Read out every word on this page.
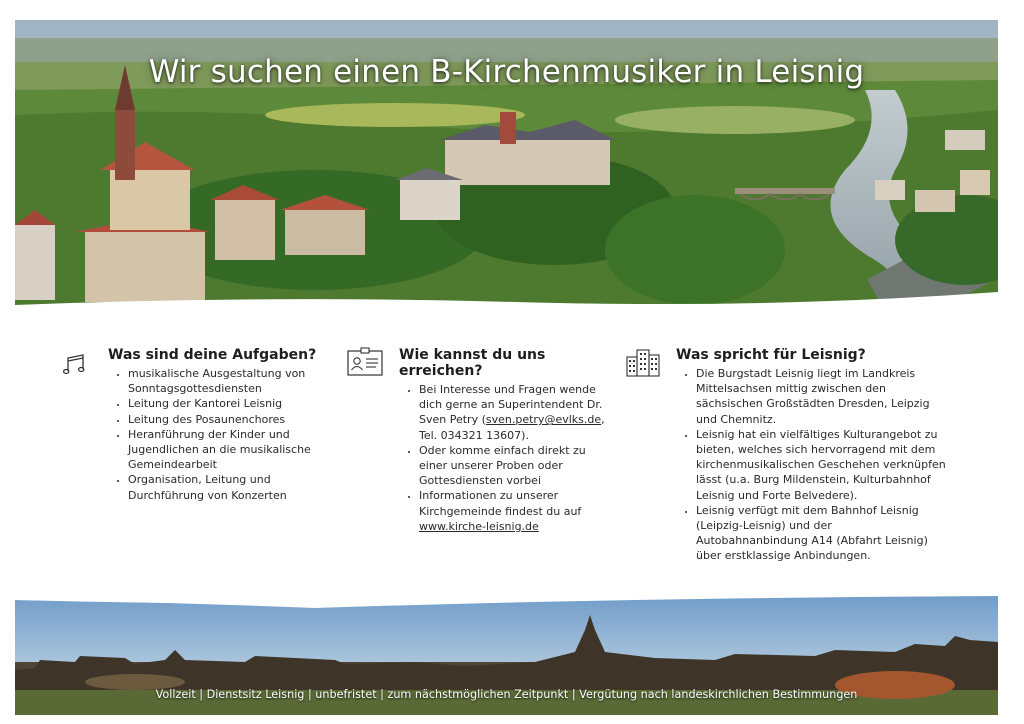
Wir suchen einen B-Kirchenmusiker in Leisnig
Was sind deine Aufgaben?
• musikalische Ausgestaltung von Sonntagsgottesdiensten
• Leitung der Kantorei Leisnig
• Leitung des Posaunenchores
• Heranführung der Kinder und Jugendlichen an die musikalische Gemeindearbeit
• Organisation, Leitung und Durchführung von Konzerten
Wie kannst du uns erreichen?
• Bei Interesse und Fragen wende dich gerne an Superintendent Dr. Sven Petry (sven.petry@evlks.de, Tel. 034321 13607).
• Oder komme einfach direkt zu einer unserer Proben oder Gottesdiensten vorbei
• Informationen zu unserer Kirchgemeinde findest du auf www.kirche-leisnig.de
Was spricht für Leisnig?
• Die Burgstadt Leisnig liegt im Landkreis Mittelsachsen mittig zwischen den sächsischen Großstädten Dresden, Leipzig und Chemnitz.
• Leisnig hat ein vielfältiges Kulturangebot zu bieten, welches sich hervorragend mit dem kirchenmusikalischen Geschehen verknüpfen lässt (u.a. Burg Mildenstein, Kulturbahnhof Leisnig und Forte Belvedere).
• Leisnig verfügt mit dem Bahnhof Leisnig (Leipzig-Leisnig) und der Autobahnanbindung A14 (Abfahrt Leisnig) über erstklassige Anbindungen.
Vollzeit | Dienstsitz Leisnig | unbefristet | zum nächstmöglichen Zeitpunkt | Vergütung nach landeskirchlichen Bestimmungen
